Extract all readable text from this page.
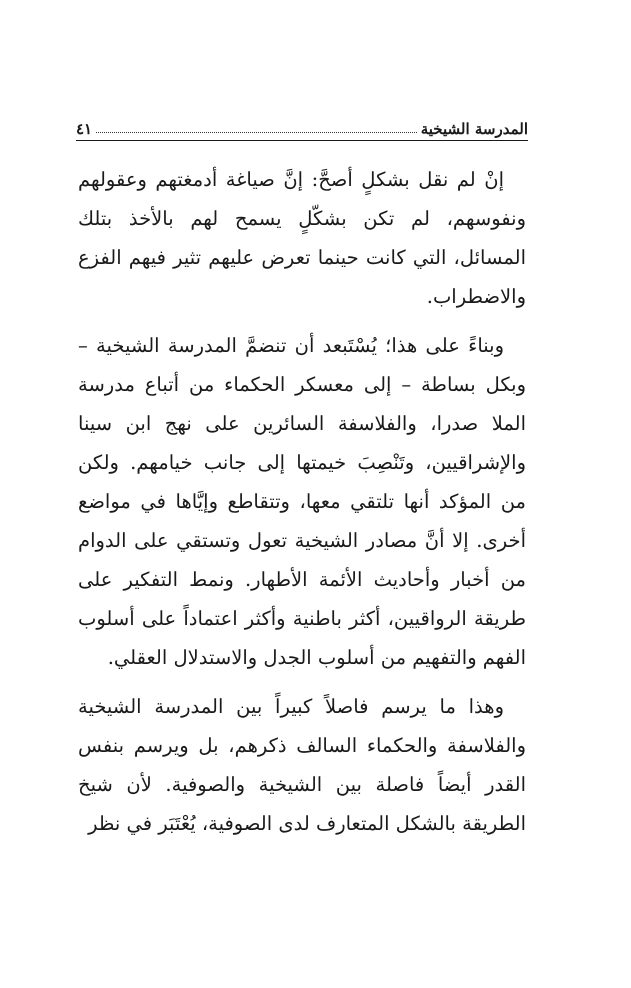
المدرسة الشيخية
٤١

إنْ لم نقل بشكلٍ أصحَّ: إنَّ صياغة أدمغتهم وعقولهم ونفوسهم، لم تكن بشكّلٍ يسمح لهم بالأخذ بتلك المسائل، التي كانت حينما تعرض عليهم تثير فيهم الفزع والاضطراب.

وبناءً على هذا؛ يُسْتَبعد أن تنضمَّ المدرسة الشيخية – وبكل بساطة – إلى معسكر الحكماء من أتباع مدرسة الملا صدرا، والفلاسفة السائرين على نهج ابن سينا والإشراقيين، وتَنْصِبَ خيمتها إلى جانب خيامهم. ولكن من المؤكد أنها تلتقي معها، وتتقاطع وإيَّاها في مواضع أخرى. إلا أنَّ مصادر الشيخية تعول وتستقي على الدوام من أخبار وأحاديث الأئمة الأطهار. ونمط التفكير على طريقة الرواقيين، أكثر باطنية وأكثر اعتماداً على أسلوب الفهم والتفهيم من أسلوب الجدل والاستدلال العقلي.

وهذا ما يرسم فاصلاً كبيراً بين المدرسة الشيخية والفلاسفة والحكماء السالف ذكرهم، بل ويرسم بنفس القدر أيضاً فاصلة بين الشيخية والصوفية. لأن شيخ الطريقة بالشكل المتعارف لدى الصوفية، يُعْتَبَر في نظر
